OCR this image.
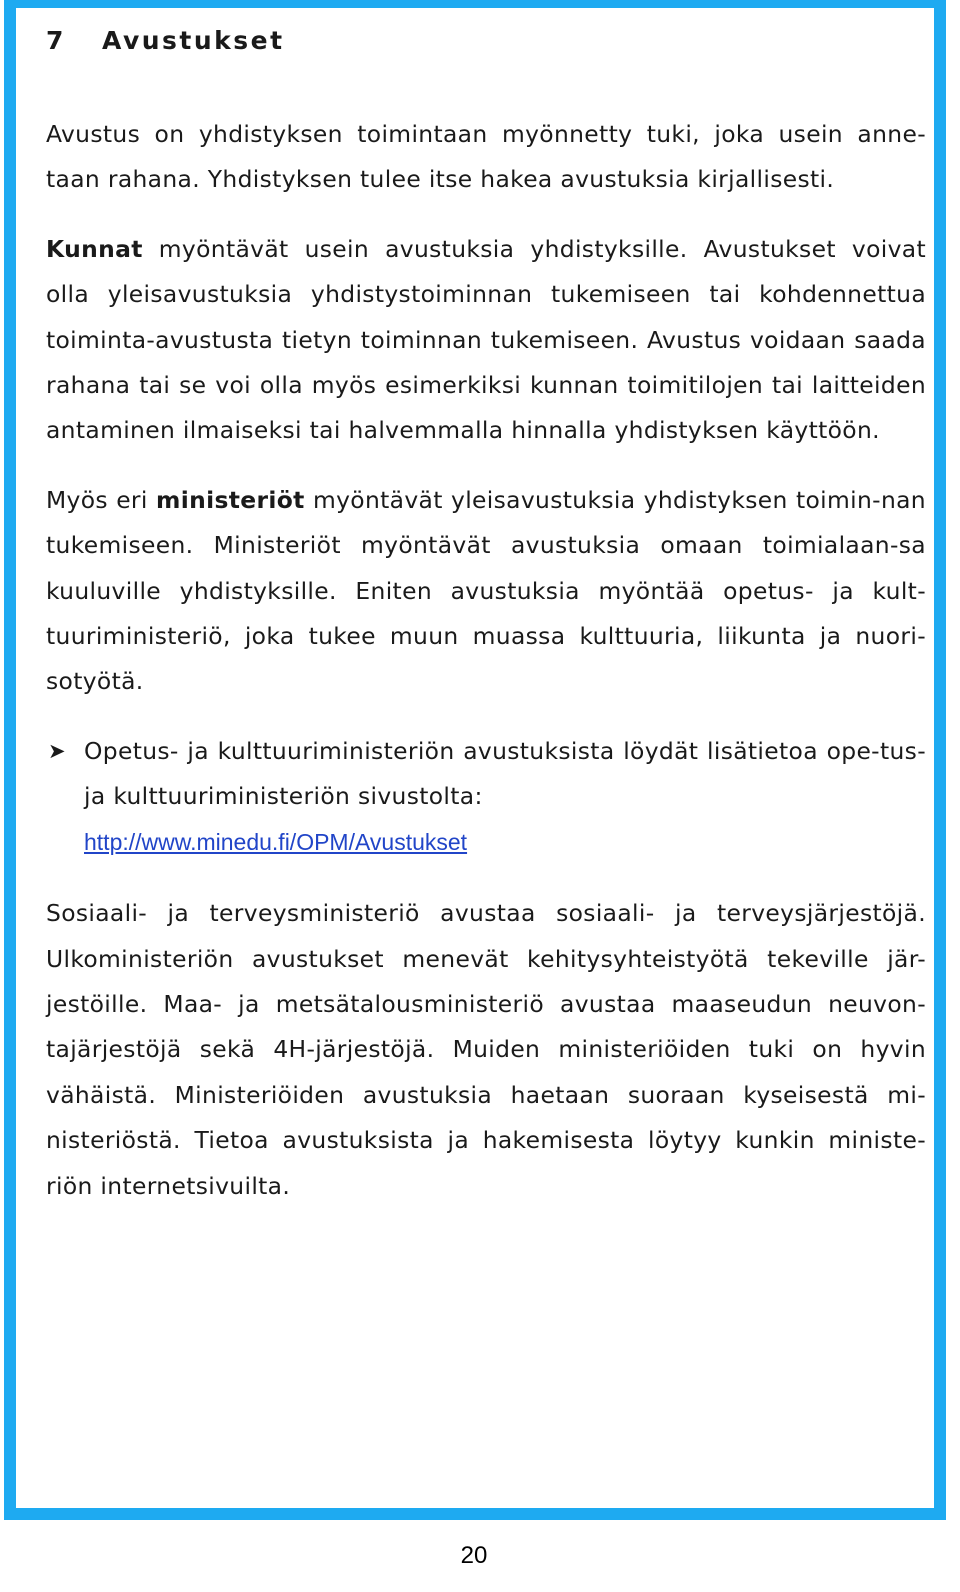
7 Avustukset

Avustus on yhdistyksen toimintaan myönnetty tuki, joka usein anne-taan rahana. Yhdistyksen tulee itse hakea avustuksia kirjallisesti.

Kunnat myöntävät usein avustuksia yhdistyksille. Avustukset voivat olla yleisavustuksia yhdistystoiminnan tukemiseen tai kohdennettua toiminta-avustusta tietyn toiminnan tukemiseen. Avustus voidaan saada rahana tai se voi olla myös esimerkiksi kunnan toimitilojen tai laitteiden antaminen ilmaiseksi tai halvemmalla hinnalla yhdistyksen käyttöön.

Myös eri ministeriöt myöntävät yleisavustuksia yhdistyksen toimin-nan tukemiseen. Ministeriöt myöntävät avustuksia omaan toimialaan-sa kuuluville yhdistyksille. Eniten avustuksia myöntää opetus- ja kult-tuuriministeriö, joka tukee muun muassa kulttuuria, liikunta ja nuori-sotyötä.

➤ Opetus- ja kulttuuriministeriön avustuksista löydät lisätietoa ope-tus- ja kulttuuriministeriön sivustolta:

http://www.minedu.fi/OPM/Avustukset

Sosiaali- ja terveysministeriö avustaa sosiaali- ja terveysjärjestöjä. Ulkoministeriön avustukset menevät kehitysyhteistyötä tekeville jär-jestöille. Maa- ja metsätalousministeriö avustaa maaseudun neuvon-tajärjestöjä sekä 4H-järjestöjä. Muiden ministeriöiden tuki on hyvin vähäistä. Ministeriöiden avustuksia haetaan suoraan kyseisestä mi-nisteriöstä. Tietoa avustuksista ja hakemisesta löytyy kunkin ministe-riön internetsivuilta.

20
